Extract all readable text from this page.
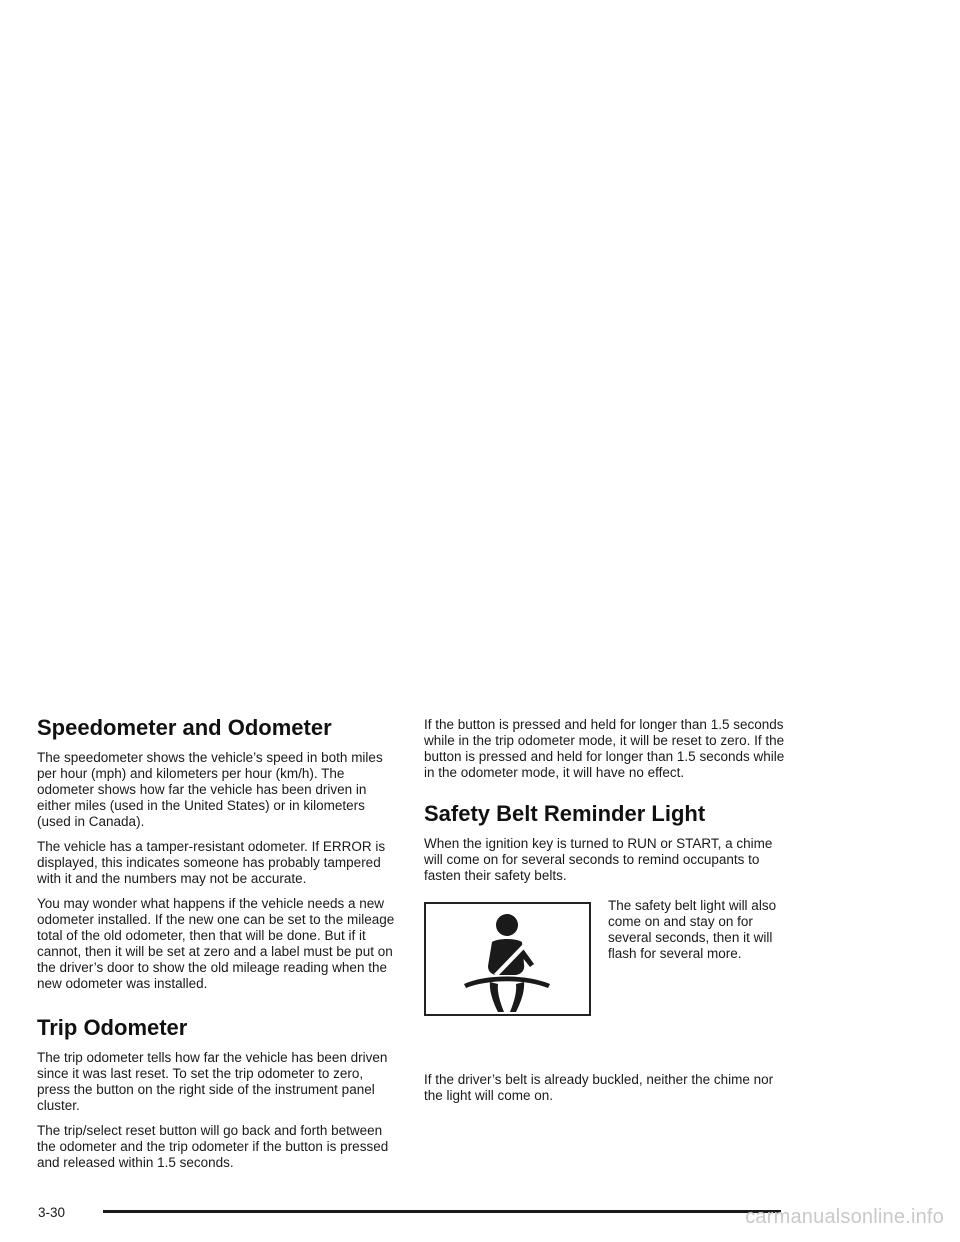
Speedometer and Odometer

The speedometer shows the vehicle’s speed in both miles per hour (mph) and kilometers per hour (km/h). The odometer shows how far the vehicle has been driven in either miles (used in the United States) or in kilometers (used in Canada).

The vehicle has a tamper-resistant odometer. If ERROR is displayed, this indicates someone has probably tampered with it and the numbers may not be accurate.

You may wonder what happens if the vehicle needs a new odometer installed. If the new one can be set to the mileage total of the old odometer, then that will be done. But if it cannot, then it will be set at zero and a label must be put on the driver’s door to show the old mileage reading when the new odometer was installed.

Trip Odometer

The trip odometer tells how far the vehicle has been driven since it was last reset. To set the trip odometer to zero, press the button on the right side of the instrument panel cluster.

The trip/select reset button will go back and forth between the odometer and the trip odometer if the button is pressed and released within 1.5 seconds.

If the button is pressed and held for longer than 1.5 seconds while in the trip odometer mode, it will be reset to zero. If the button is pressed and held for longer than 1.5 seconds while in the odometer mode, it will have no effect.

Safety Belt Reminder Light

When the ignition key is turned to RUN or START, a chime will come on for several seconds to remind occupants to fasten their safety belts.

The safety belt light will also come on and stay on for several seconds, then it will flash for several more.

If the driver’s belt is already buckled, neither the chime nor the light will come on.

3-30	carmanualsonline.info
